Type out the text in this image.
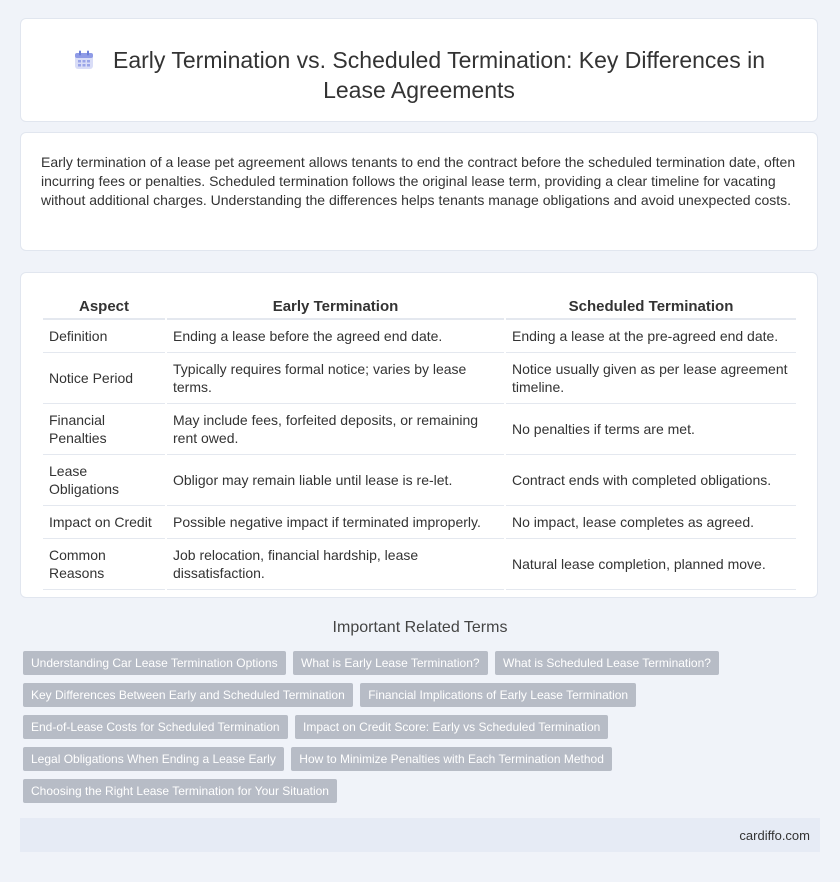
Early Termination vs. Scheduled Termination: Key Differences in Lease Agreements

Early termination of a lease pet agreement allows tenants to end the contract before the scheduled termination date, often incurring fees or penalties. Scheduled termination follows the original lease term, providing a clear timeline for vacating without additional charges. Understanding the differences helps tenants manage obligations and avoid unexpected costs.

Aspect	Early Termination	Scheduled Termination
Definition	Ending a lease before the agreed end date.	Ending a lease at the pre-agreed end date.
Notice Period	Typically requires formal notice; varies by lease terms.	Notice usually given as per lease agreement timeline.
Financial Penalties	May include fees, forfeited deposits, or remaining rent owed.	No penalties if terms are met.
Lease Obligations	Obligor may remain liable until lease is re-let.	Contract ends with completed obligations.
Impact on Credit	Possible negative impact if terminated improperly.	No impact, lease completes as agreed.
Common Reasons	Job relocation, financial hardship, lease dissatisfaction.	Natural lease completion, planned move.
Important Related Terms
Understanding Car Lease Termination Options What is Early Lease Termination? What is Scheduled Lease Termination? Key Differences Between Early and Scheduled Termination Financial Implications of Early Lease Termination End-of-Lease Costs for Scheduled Termination Impact on Credit Score: Early vs Scheduled Termination Legal Obligations When Ending a Lease Early How to Minimize Penalties with Each Termination Method Choosing the Right Lease Termination for Your Situation
cardiffo.com
